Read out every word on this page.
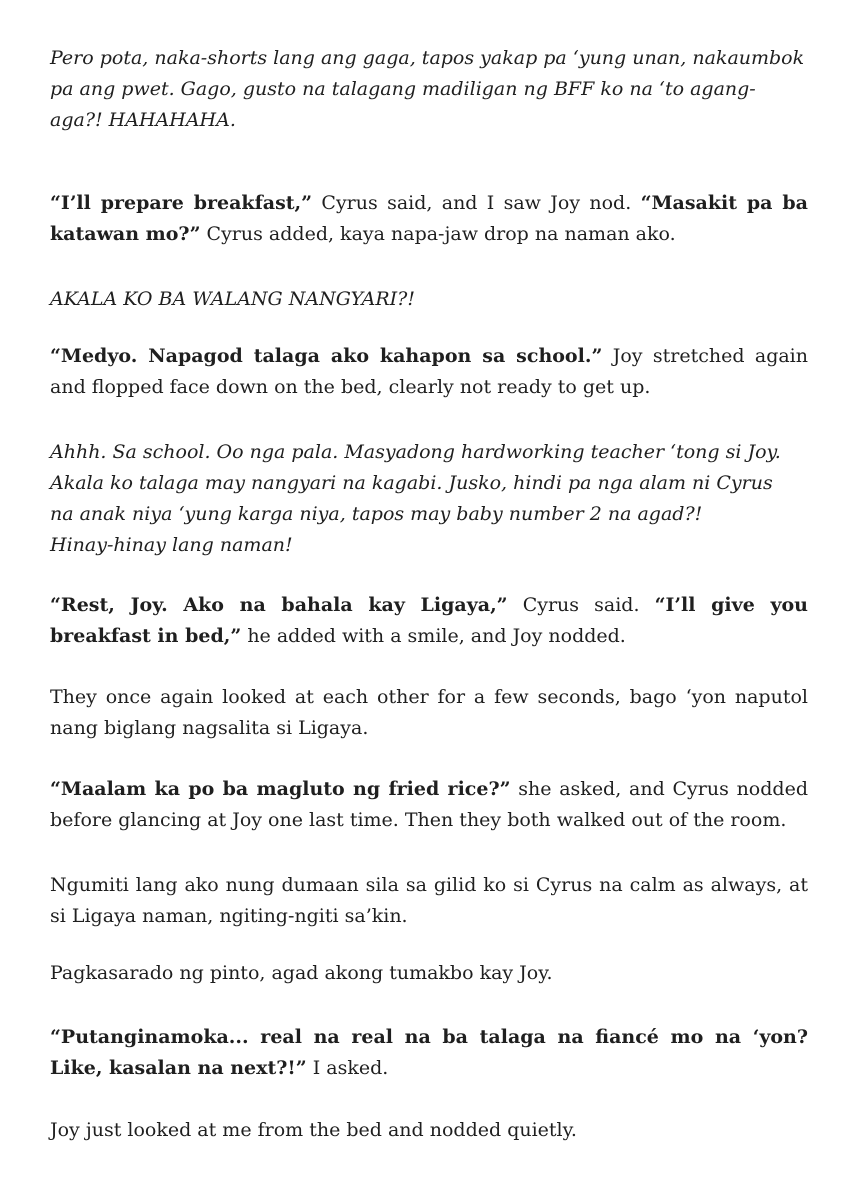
Pero pota, naka-shorts lang ang gaga, tapos yakap pa ‘yung unan, nakaumbok pa ang pwet. Gago, gusto na talagang madiligan ng BFF ko na ‘to agang-aga?! HAHAHAHA.

“I’ll prepare breakfast,” Cyrus said, and I saw Joy nod. “Masakit pa ba katawan mo?” Cyrus added, kaya napa-jaw drop na naman ako.

AKALA KO BA WALANG NANGYARI?!

“Medyo. Napagod talaga ako kahapon sa school.” Joy stretched again and flopped face down on the bed, clearly not ready to get up.

Ahhh. Sa school. Oo nga pala. Masyadong hardworking teacher ‘tong si Joy.
Akala ko talaga may nangyari na kagabi. Jusko, hindi pa nga alam ni Cyrus
na anak niya ‘yung karga niya, tapos may baby number 2 na agad?!
Hinay-hinay lang naman!

“Rest, Joy. Ako na bahala kay Ligaya,” Cyrus said. “I’ll give you breakfast in bed,” he added with a smile, and Joy nodded.

They once again looked at each other for a few seconds, bago ‘yon naputol nang biglang nagsalita si Ligaya.

“Maalam ka po ba magluto ng fried rice?” she asked, and Cyrus nodded before glancing at Joy one last time. Then they both walked out of the room.

Ngumiti lang ako nung dumaan sila sa gilid ko si Cyrus na calm as always, at si Ligaya naman, ngiting-ngiti sa’kin.

Pagkasarado ng pinto, agad akong tumakbo kay Joy.

“Putanginamoka... real na real na ba talaga na fiancé mo na ‘yon? Like, kasalan na next?!” I asked.

Joy just looked at me from the bed and nodded quietly.
